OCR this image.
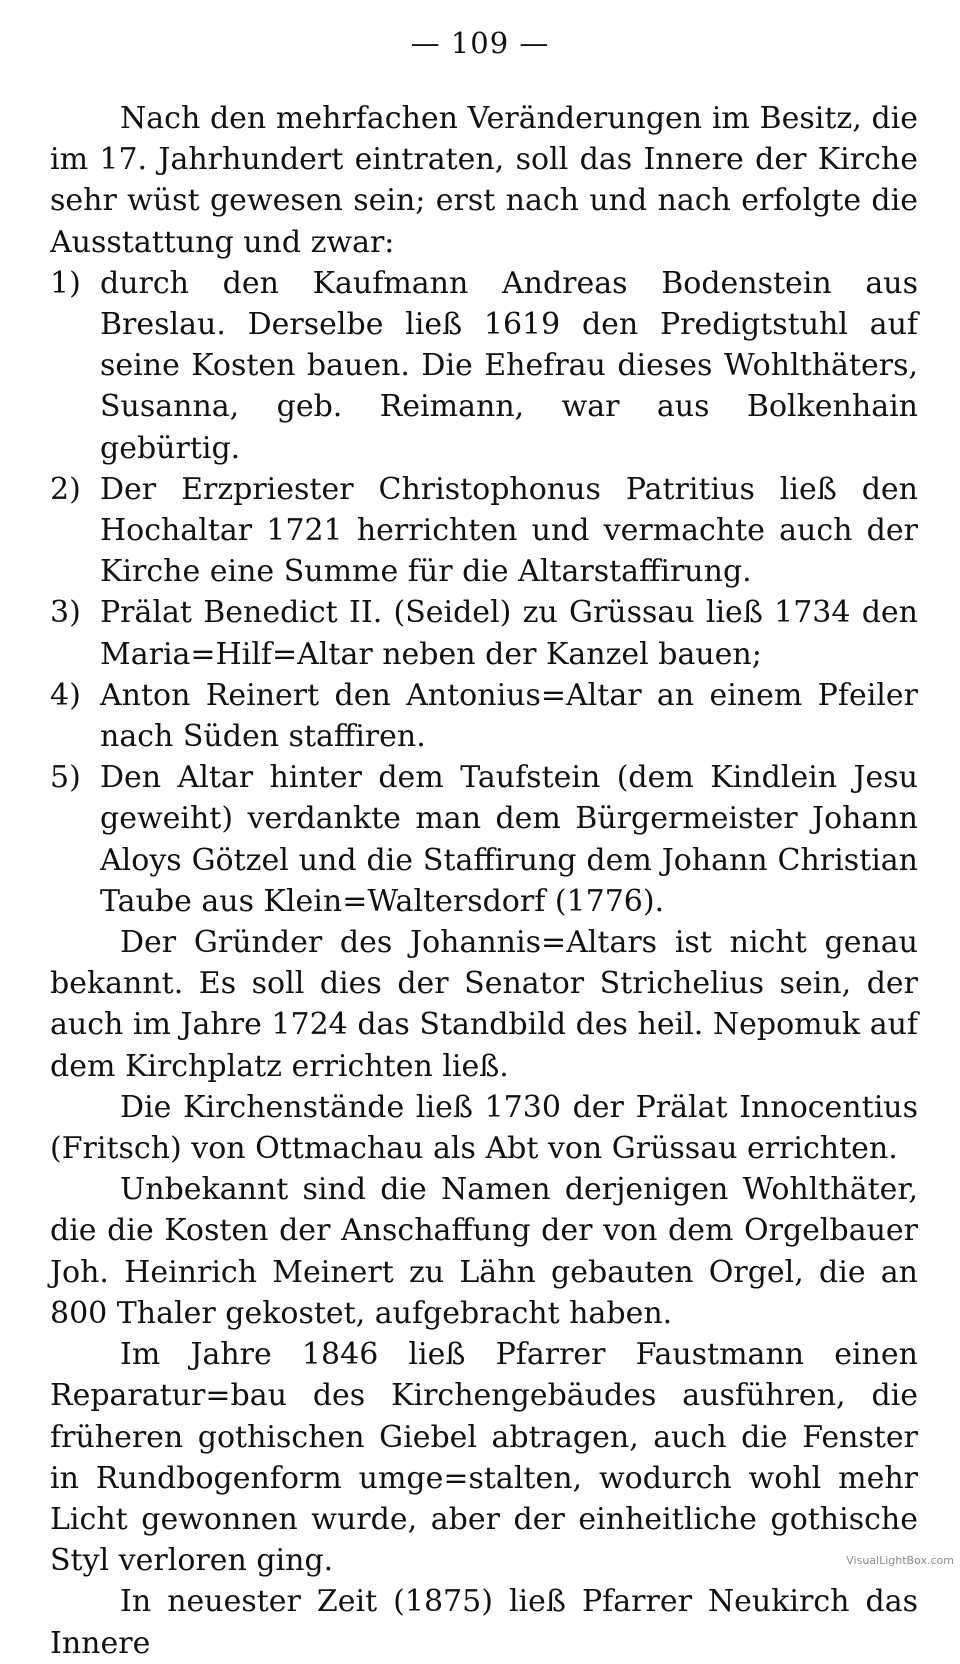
— 109 —

Nach den mehrfachen Veränderungen im Besitz, die im 17. Jahrhundert eintraten, soll das Innere der Kirche sehr wüst gewesen sein; erst nach und nach erfolgte die Ausstattung und zwar:

1) durch den Kaufmann Andreas Bodenstein aus Breslau. Derselbe ließ 1619 den Predigtstuhl auf seine Kosten bauen. Die Ehefrau dieses Wohlthäters, Susanna, geb. Reimann, war aus Bolkenhain gebürtig.
2) Der Erzpriester Christophonus Patritius ließ den Hochaltar 1721 herrichten und vermachte auch der Kirche eine Summe für die Altarstaffirung.
3) Prälat Benedict II. (Seidel) zu Grüssau ließ 1734 den Maria=Hilf=Altar neben der Kanzel bauen;
4) Anton Reinert den Antonius=Altar an einem Pfeiler nach Süden staffiren.
5) Den Altar hinter dem Taufstein (dem Kindlein Jesu geweiht) verdankte man dem Bürgermeister Johann Aloys Götzel und die Staffirung dem Johann Christian Taube aus Klein=Waltersdorf (1776).

Der Gründer des Johannis=Altars ist nicht genau bekannt. Es soll dies der Senator Strichelius sein, der auch im Jahre 1724 das Standbild des heil. Nepomuk auf dem Kirchplatz errichten ließ.

Die Kirchenstände ließ 1730 der Prälat Innocentius (Fritsch) von Ottmachau als Abt von Grüssau errichten.

Unbekannt sind die Namen derjenigen Wohlthäter, die die Kosten der Anschaffung der von dem Orgelbauer Joh. Heinrich Meinert zu Lähn gebauten Orgel, die an 800 Thaler gekostet, aufgebracht haben.

Im Jahre 1846 ließ Pfarrer Faustmann einen Reparatur=bau des Kirchengebäudes ausführen, die früheren gothischen Giebel abtragen, auch die Fenster in Rundbogenform umge=stalten, wodurch wohl mehr Licht gewonnen wurde, aber der einheitliche gothische Styl verloren ging.

In neuester Zeit (1875) ließ Pfarrer Neukirch das Innere

VisualLightBox.com
